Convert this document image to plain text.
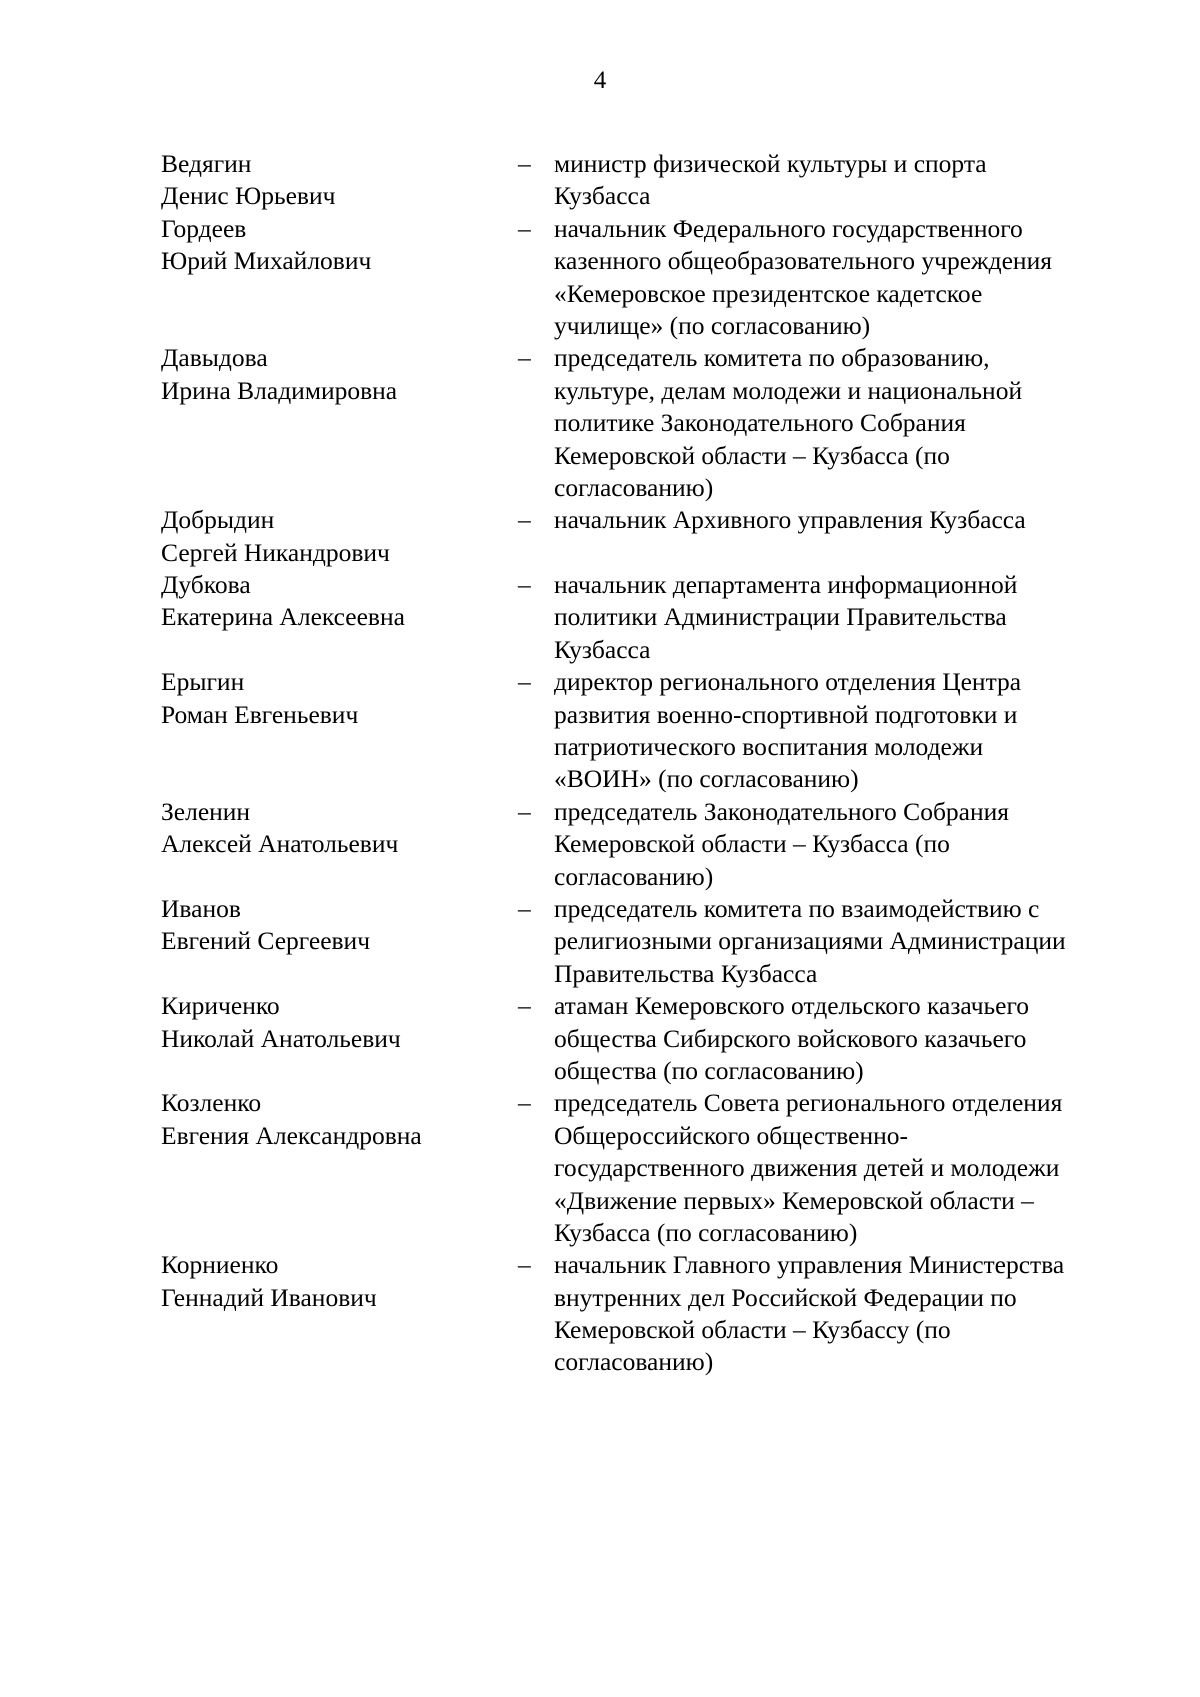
4
Ведягин
Денис Юрьевич
– министр физической культуры и спорта
Кузбасса
Гордеев
Юрий Михайлович
– начальник Федерального государственного
казенного общеобразовательного учреждения
«Кемеровское президентское кадетское
училище» (по согласованию)
Давыдова
Ирина Владимировна
– председатель комитета по образованию,
культуре, делам молодежи и национальной
политике Законодательного Собрания
Кемеровской области – Кузбасса (по
согласованию)
Добрыдин
Сергей Никандрович
– начальник Архивного управления Кузбасса
Дубкова
Екатерина Алексеевна
– начальник департамента информационной
политики Администрации Правительства
Кузбасса
Ерыгин
Роман Евгеньевич
– директор регионального отделения Центра
развития военно-спортивной подготовки и
патриотического воспитания молодежи
«ВОИН» (по согласованию)
Зеленин
Алексей Анатольевич
– председатель Законодательного Собрания
Кемеровской области – Кузбасса (по
согласованию)
Иванов
Евгений Сергеевич
– председатель комитета по взаимодействию с
религиозными организациями Администрации
Правительства Кузбасса
Кириченко
Николай Анатольевич
– атаман Кемеровского отдельского казачьего
общества Сибирского войскового казачьего
общества (по согласованию)
Козленко
Евгения Александровна
– председатель Совета регионального отделения
Общероссийского общественно-
государственного движения детей и молодежи
«Движение первых» Кемеровской области –
Кузбасса (по согласованию)
Корниенко
Геннадий Иванович
– начальник Главного управления Министерства
внутренних дел Российской Федерации по
Кемеровской области – Кузбассу (по
согласованию)
